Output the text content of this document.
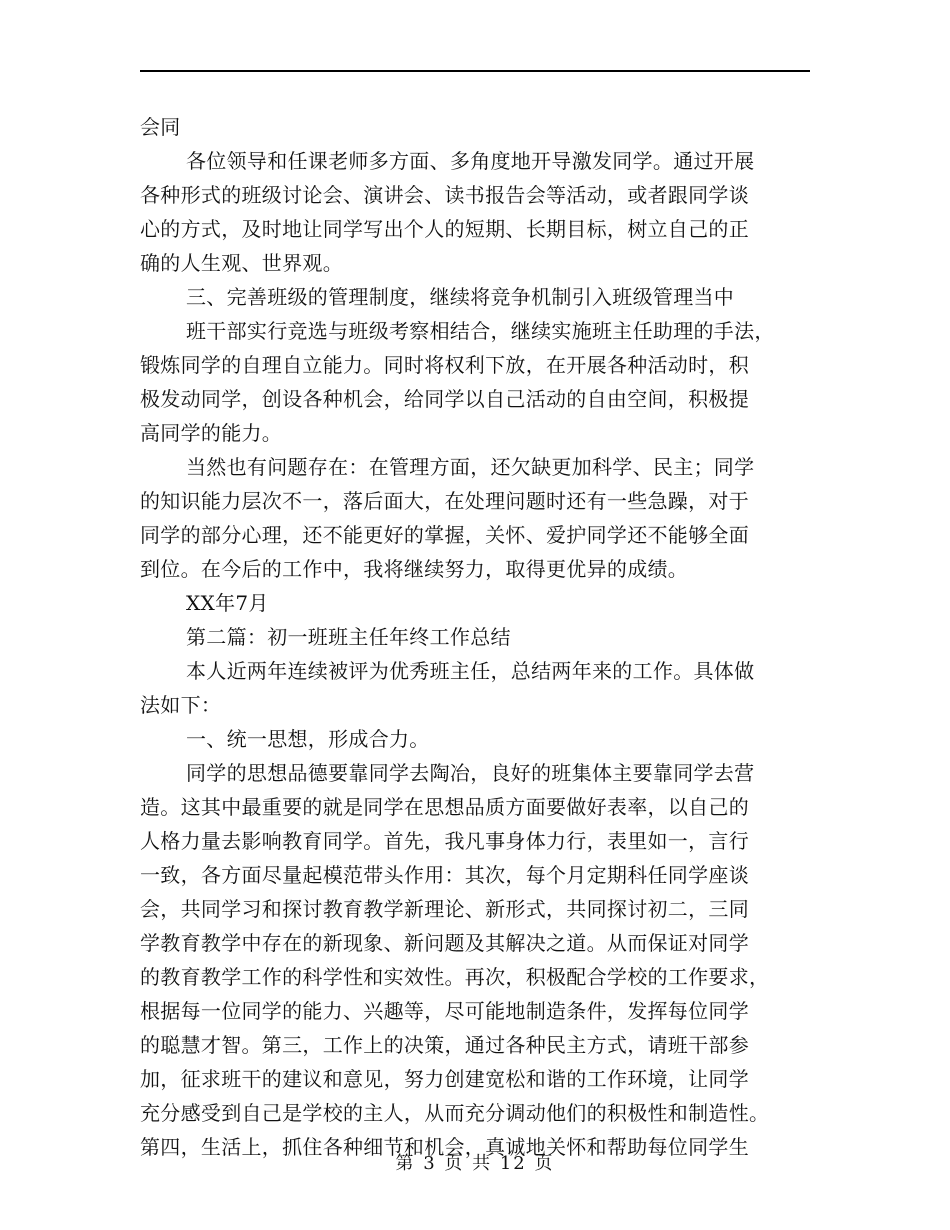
会同
各位领导和任课老师多方面、多角度地开导激发同学。通过开展
各种形式的班级讨论会、演讲会、读书报告会等活动，或者跟同学谈
心的方式，及时地让同学写出个人的短期、长期目标，树立自己的正
确的人生观、世界观。
三、完善班级的管理制度，继续将竞争机制引入班级管理当中
班干部实行竞选与班级考察相结合，继续实施班主任助理的手法，
锻炼同学的自理自立能力。同时将权利下放，在开展各种活动时，积
极发动同学，创设各种机会，给同学以自己活动的自由空间，积极提
高同学的能力。
当然也有问题存在：在管理方面，还欠缺更加科学、民主；同学
的知识能力层次不一，落后面大，在处理问题时还有一些急躁，对于
同学的部分心理，还不能更好的掌握，关怀、爱护同学还不能够全面
到位。在今后的工作中，我将继续努力，取得更优异的成绩。
XX年7月
第二篇：初一班班主任年终工作总结
本人近两年连续被评为优秀班主任，总结两年来的工作。具体做
法如下：
一、统一思想，形成合力。
同学的思想品德要靠同学去陶冶，良好的班集体主要靠同学去营
造。这其中最重要的就是同学在思想品质方面要做好表率，以自己的
人格力量去影响教育同学。首先，我凡事身体力行，表里如一，言行
一致，各方面尽量起模范带头作用：其次，每个月定期科任同学座谈
会，共同学习和探讨教育教学新理论、新形式，共同探讨初二，三同
学教育教学中存在的新现象、新问题及其解决之道。从而保证对同学
的教育教学工作的科学性和实效性。再次，积极配合学校的工作要求，
根据每一位同学的能力、兴趣等，尽可能地制造条件，发挥每位同学
的聪慧才智。第三，工作上的决策，通过各种民主方式，请班干部参
加，征求班干的建议和意见，努力创建宽松和谐的工作环境，让同学
充分感受到自己是学校的主人，从而充分调动他们的积极性和制造性。
第四，生活上，抓住各种细节和机会，真诚地关怀和帮助每位同学生
第 3 页 共 12 页
